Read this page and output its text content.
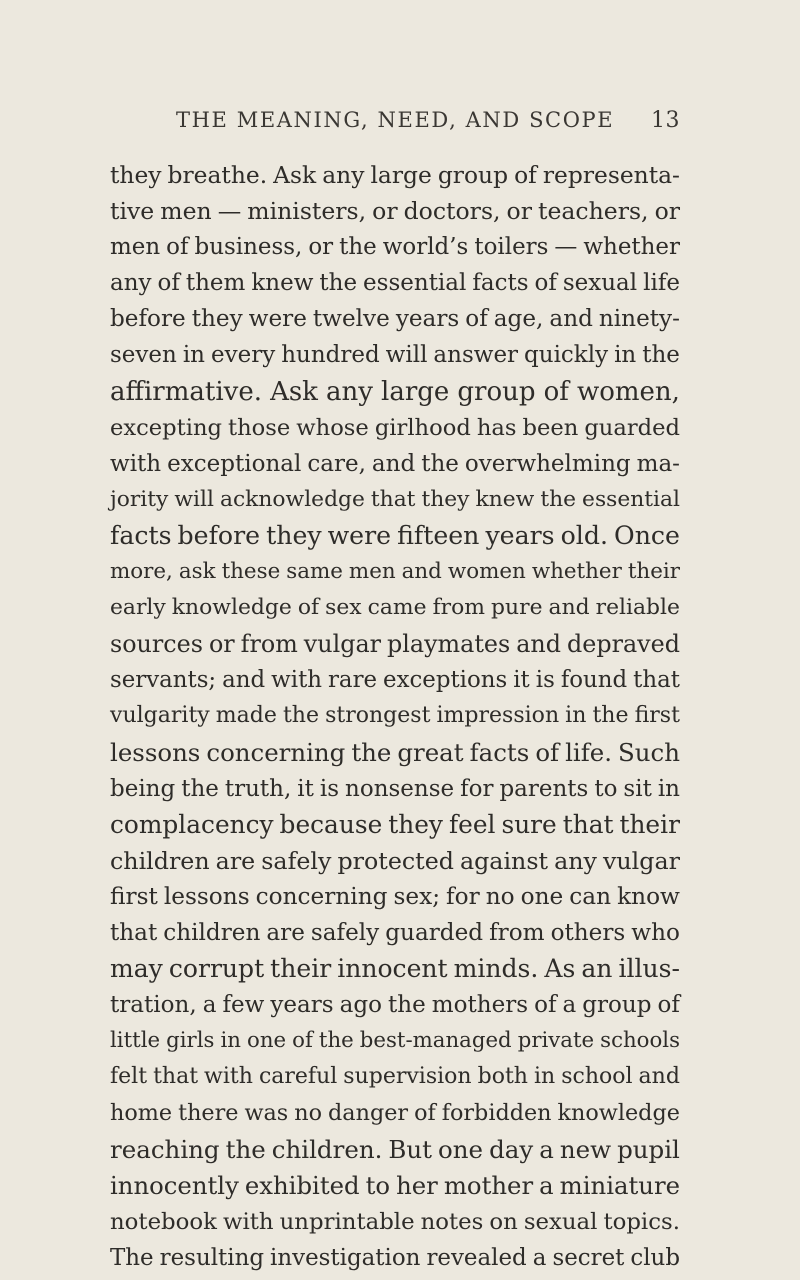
THE MEANING, NEED, AND SCOPE 13
they breathe. Ask any large group of representa-
tive men — ministers, or doctors, or teachers, or
men of business, or the world’s toilers — whether
any of them knew the essential facts of sexual life
before they were twelve years of age, and ninety-
seven in every hundred will answer quickly in the
affirmative. Ask any large group of women,
excepting those whose girlhood has been guarded
with exceptional care, and the overwhelming ma-
jority will acknowledge that they knew the essential
facts before they were fifteen years old. Once
more, ask these same men and women whether their
early knowledge of sex came from pure and reliable
sources or from vulgar playmates and depraved
servants; and with rare exceptions it is found that
vulgarity made the strongest impression in the first
lessons concerning the great facts of life. Such
being the truth, it is nonsense for parents to sit in
complacency because they feel sure that their
children are safely protected against any vulgar
first lessons concerning sex; for no one can know
that children are safely guarded from others who
may corrupt their innocent minds. As an illus-
tration, a few years ago the mothers of a group of
little girls in one of the best-managed private schools
felt that with careful supervision both in school and
home there was no danger of forbidden knowledge
reaching the children. But one day a new pupil
innocently exhibited to her mother a miniature
notebook with unprintable notes on sexual topics.
The resulting investigation revealed a secret club
